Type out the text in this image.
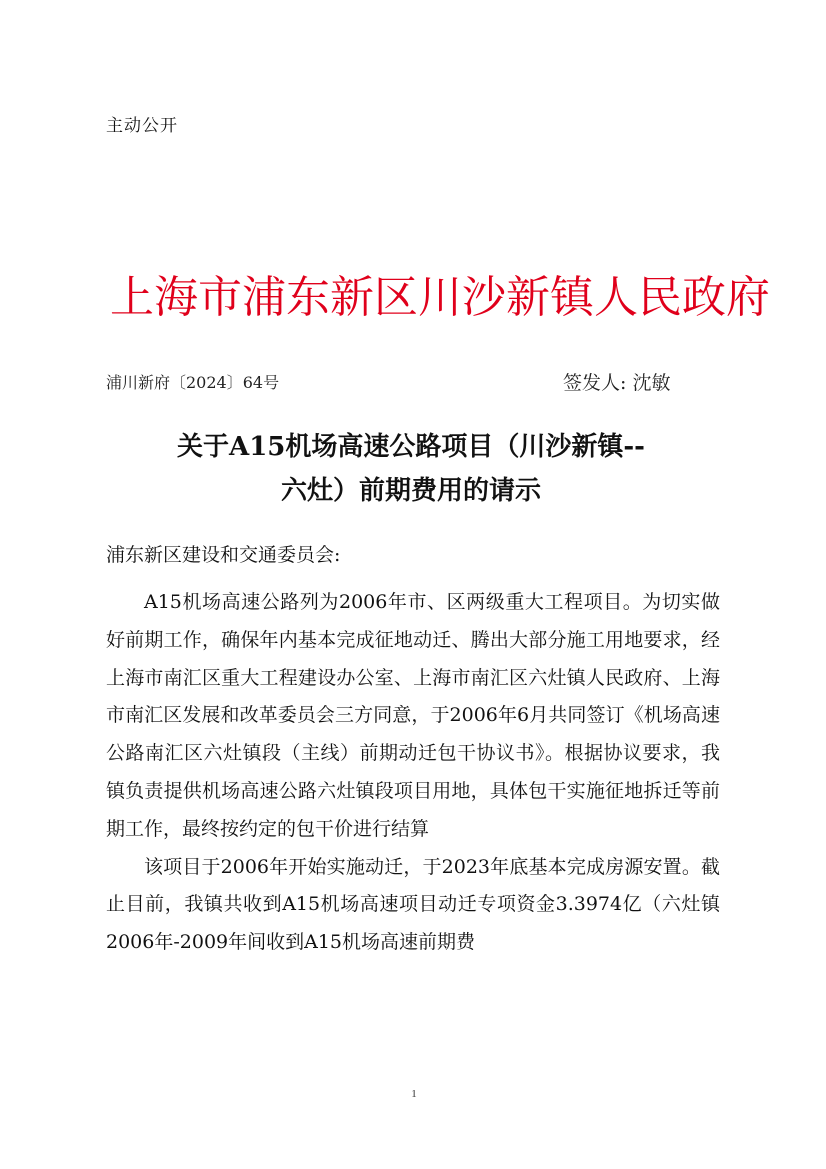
主动公开
上海市浦东新区川沙新镇人民政府
浦川新府〔2024〕64号	签发人: 沈敏
关于A15机场高速公路项目（川沙新镇--
六灶）前期费用的请示
浦东新区建设和交通委员会:

A15机场高速公路列为2006年市、区两级重大工程项目。为切实做好前期工作，确保年内基本完成征地动迁、腾出大部分施工用地要求，经上海市南汇区重大工程建设办公室、上海市南汇区六灶镇人民政府、上海市南汇区发展和改革委员会三方同意，于2006年6月共同签订《机场高速公路南汇区六灶镇段（主线）前期动迁包干协议书》。根据协议要求，我镇负责提供机场高速公路六灶镇段项目用地，具体包干实施征地拆迁等前期工作，最终按约定的包干价进行结算

该项目于2006年开始实施动迁，于2023年底基本完成房源安置。截止目前，我镇共收到A15机场高速项目动迁专项资金3.3974亿（六灶镇2006年-2009年间收到A15机场高速前期费

1
